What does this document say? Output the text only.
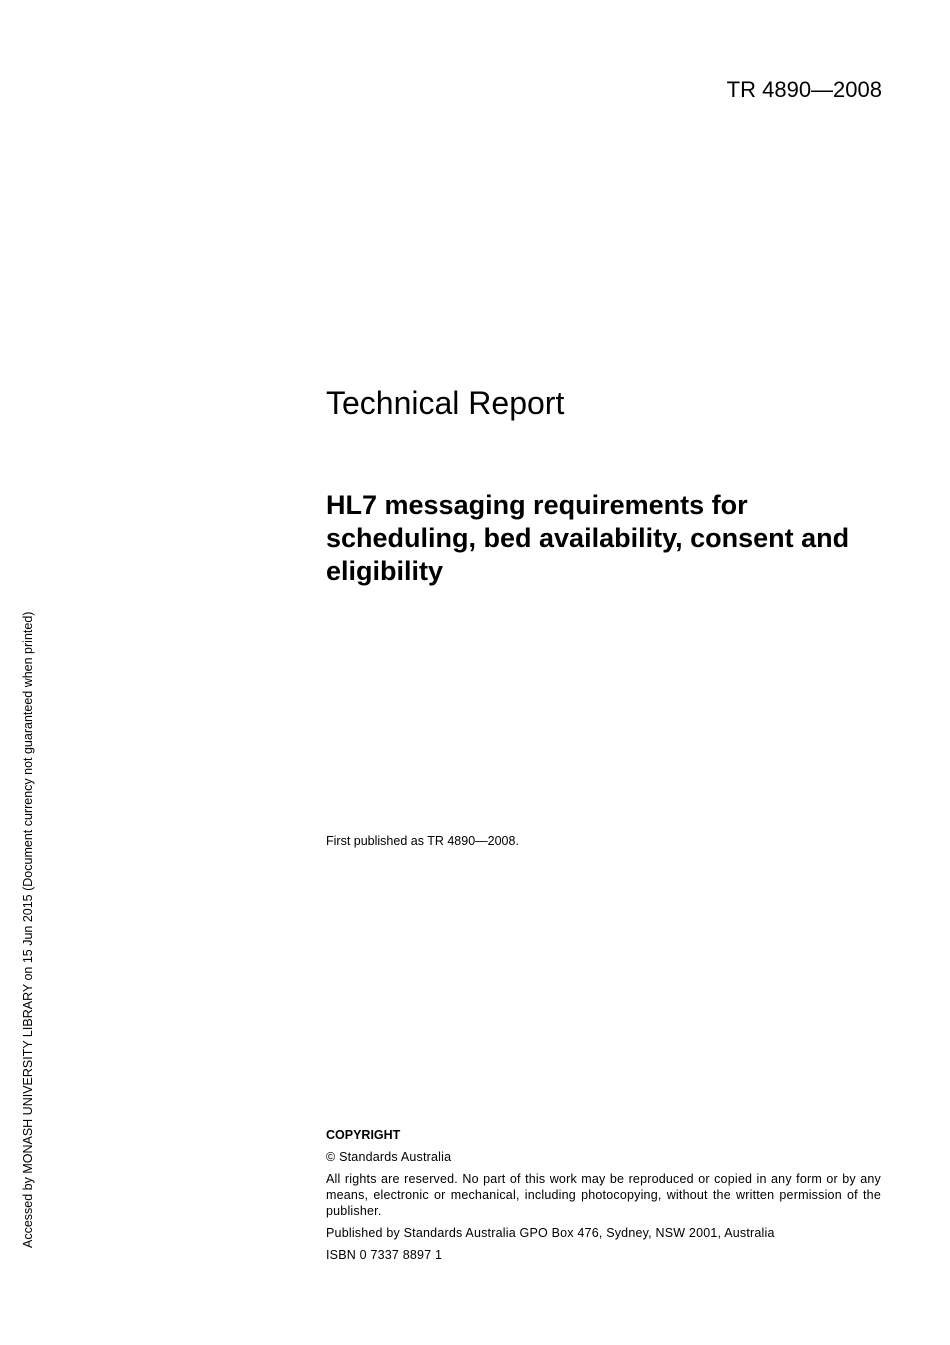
TR 4890—2008
Accessed by MONASH UNIVERSITY LIBRARY on 15 Jun 2015 (Document currency not guaranteed when printed)
Technical Report
HL7 messaging requirements for scheduling, bed availability, consent and eligibility
First published as TR 4890—2008.
COPYRIGHT
© Standards Australia
All rights are reserved. No part of this work may be reproduced or copied in any form or by any means, electronic or mechanical, including photocopying, without the written permission of the publisher.
Published by Standards Australia GPO Box 476, Sydney, NSW 2001, Australia
ISBN 0 7337 8897 1
